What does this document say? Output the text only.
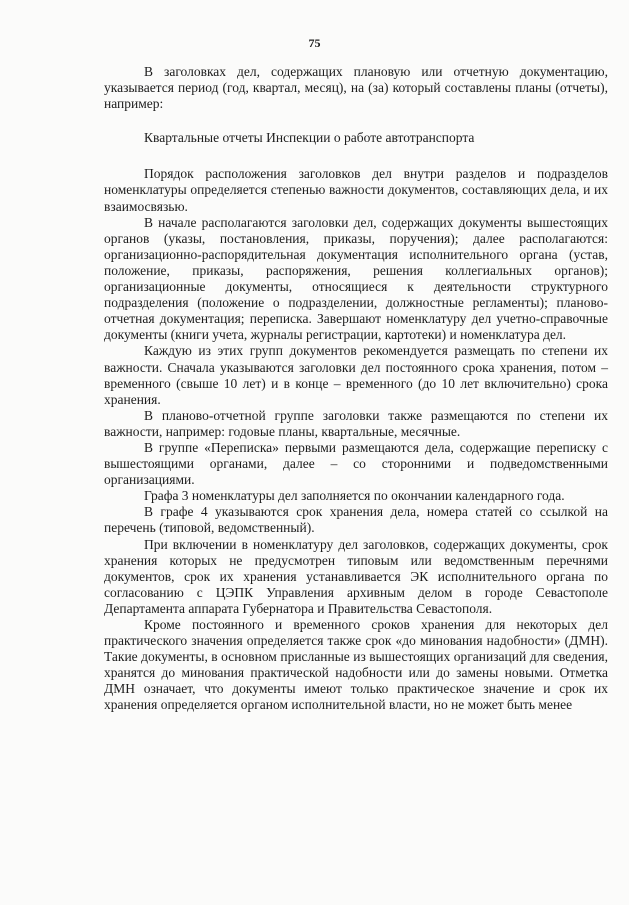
75

В заголовках дел, содержащих плановую или отчетную документацию, указывается период (год, квартал, месяц), на (за) который составлены планы (отчеты), например:

Квартальные отчеты Инспекции о работе автотранспорта

Порядок расположения заголовков дел внутри разделов и подразделов номенклатуры определяется степенью важности документов, составляющих дела, и их взаимосвязью.

В начале располагаются заголовки дел, содержащих документы вышестоящих органов (указы, постановления, приказы, поручения); далее располагаются: организационно-распорядительная документация исполнительного органа (устав, положение, приказы, распоряжения, решения коллегиальных органов); организационные документы, относящиеся к деятельности структурного подразделения (положение о подразделении, должностные регламенты); планово-отчетная документация; переписка. Завершают номенклатуру дел учетно-справочные документы (книги учета, журналы регистрации, картотеки) и номенклатура дел.

Каждую из этих групп документов рекомендуется размещать по степени их важности. Сначала указываются заголовки дел постоянного срока хранения, потом – временного (свыше 10 лет) и в конце – временного (до 10 лет включительно) срока хранения.

В планово-отчетной группе заголовки также размещаются по степени их важности, например: годовые планы, квартальные, месячные.

В группе «Переписка» первыми размещаются дела, содержащие переписку с вышестоящими органами, далее – со сторонними и подведомственными организациями.

Графа 3 номенклатуры дел заполняется по окончании календарного года.

В графе 4 указываются срок хранения дела, номера статей со ссылкой на перечень (типовой, ведомственный).

При включении в номенклатуру дел заголовков, содержащих документы, срок хранения которых не предусмотрен типовым или ведомственным перечнями документов, срок их хранения устанавливается ЭК исполнительного органа по согласованию с ЦЭПК Управления архивным делом в городе Севастополе Департамента аппарата Губернатора и Правительства Севастополя.

Кроме постоянного и временного сроков хранения для некоторых дел практического значения определяется также срок «до минования надобности» (ДМН). Такие документы, в основном присланные из вышестоящих организаций для сведения, хранятся до минования практической надобности или до замены новыми. Отметка ДМН означает, что документы имеют только практическое значение и срок их хранения определяется органом исполнительной власти, но не может быть менее
